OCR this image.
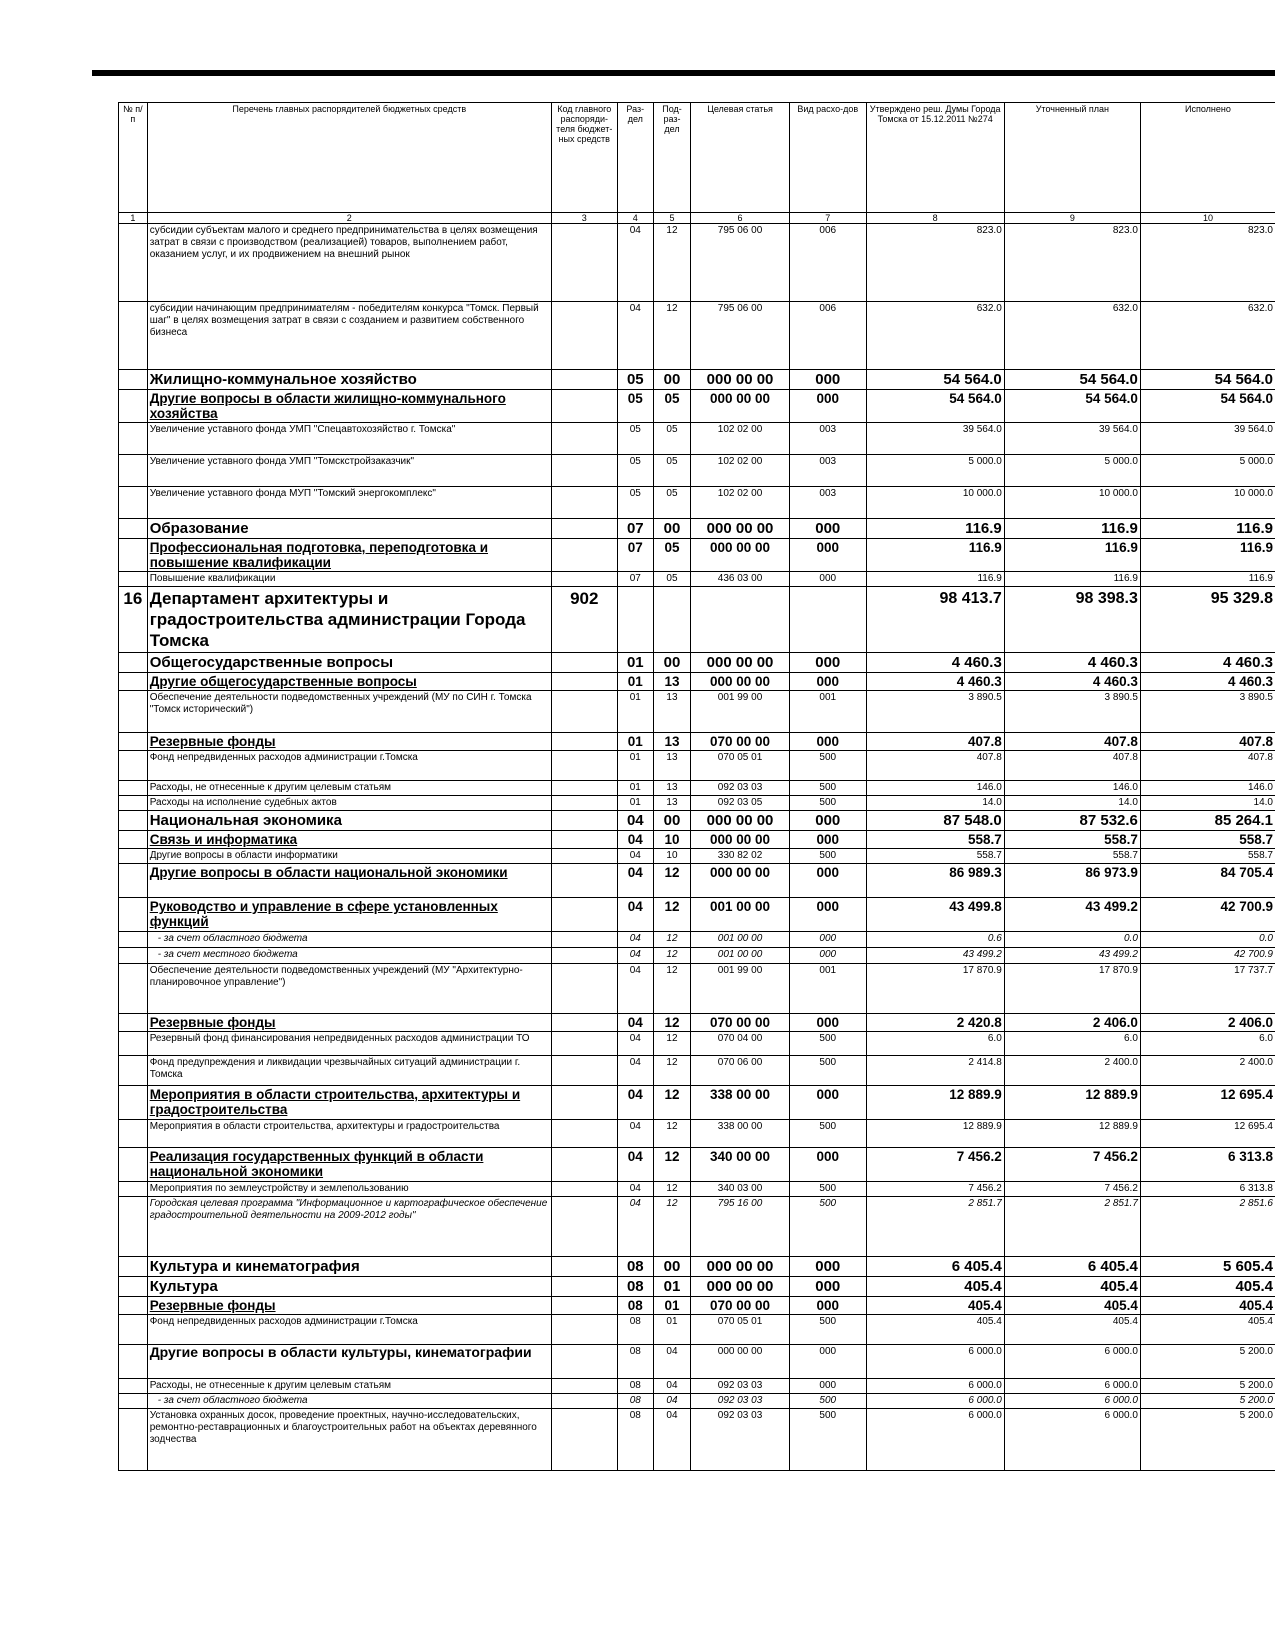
№ п/п	Перечень главных распорядителей бюджетных средств	Код главного распоряди-теля бюджет-ных средств	Раз-дел	Под-раз-дел	Целевая статья	Вид расхо-дов	Утверждено реш. Думы Города Томска от 15.12.2011 №274	Уточненный план	Исполнено
1	2	3	4	5	6	7	8	9	10
	субсидии субъектам малого и среднего предпринимательства в целях возмещения затрат в связи с производством (реализацией) товаров, выполнением работ, оказанием услуг, и их продвижением на внешний рынок		04	12	795 06 00	006	823.0	823.0	823.0
	субсидии начинающим предпринимателям - победителям конкурса "Томск. Первый шаг" в целях возмещения затрат в связи с созданием и развитием собственного бизнеса		04	12	795 06 00	006	632.0	632.0	632.0
	Жилищно-коммунальное хозяйство		05	00	000 00 00	000	54 564.0	54 564.0	54 564.0
	Другие вопросы в области жилищно-коммунального хозяйства		05	05	000 00 00	000	54 564.0	54 564.0	54 564.0
	Увеличение уставного фонда УМП "Спецавтохозяйство г. Томска"		05	05	102 02 00	003	39 564.0	39 564.0	39 564.0
	Увеличение уставного фонда УМП "Томскстройзаказчик"		05	05	102 02 00	003	5 000.0	5 000.0	5 000.0
	Увеличение уставного фонда МУП "Томский энергокомплекс"		05	05	102 02 00	003	10 000.0	10 000.0	10 000.0
	Образование		07	00	000 00 00	000	116.9	116.9	116.9
	Профессиональная подготовка, переподготовка и повышение квалификации		07	05	000 00 00	000	116.9	116.9	116.9
	Повышение квалификации		07	05	436 03 00	000	116.9	116.9	116.9
16	Департамент архитектуры и градостроительства администрации Города Томска	902					98 413.7	98 398.3	95 329.8
	Общегосударственные вопросы		01	00	000 00 00	000	4 460.3	4 460.3	4 460.3
	Другие общегосударственные вопросы		01	13	000 00 00	000	4 460.3	4 460.3	4 460.3
	Обеспечение деятельности подведомственных учреждений (МУ по СИН г. Томска "Томск исторический")		01	13	001 99 00	001	3 890.5	3 890.5	3 890.5
	Резервные фонды		01	13	070 00 00	000	407.8	407.8	407.8
	Фонд непредвиденных расходов администрации г.Томска		01	13	070 05 01	500	407.8	407.8	407.8
	Расходы, не отнесенные к другим целевым статьям		01	13	092 03 03	500	146.0	146.0	146.0
	Расходы на исполнение судебных актов		01	13	092 03 05	500	14.0	14.0	14.0
	Национальная экономика		04	00	000 00 00	000	87 548.0	87 532.6	85 264.1
	Связь и информатика		04	10	000 00 00	000	558.7	558.7	558.7
	Другие вопросы в области информатики		04	10	330 82 02	500	558.7	558.7	558.7
	Другие вопросы в области национальной экономики		04	12	000 00 00	000	86 989.3	86 973.9	84 705.4
	Руководство и управление в сфере установленных функций		04	12	001 00 00	000	43 499.8	43 499.2	42 700.9
	- за счет областного бюджета		04	12	001 00 00	000	0.6	0.0	0.0
	- за счет местного бюджета		04	12	001 00 00	000	43 499.2	43 499.2	42 700.9
	Обеспечение деятельности подведомственных учреждений (МУ "Архитектурно-планировочное управление")		04	12	001 99 00	001	17 870.9	17 870.9	17 737.7
	Резервные фонды		04	12	070 00 00	000	2 420.8	2 406.0	2 406.0
	Резервный фонд финансирования непредвиденных расходов администрации ТО		04	12	070 04 00	500	6.0	6.0	6.0
	Фонд предупреждения и ликвидации чрезвычайных ситуаций администрации г. Томска		04	12	070 06 00	500	2 414.8	2 400.0	2 400.0
	Мероприятия в области строительства, архитектуры и градостроительства		04	12	338 00 00	000	12 889.9	12 889.9	12 695.4
	Мероприятия в области строительства, архитектуры и градостроительства		04	12	338 00 00	500	12 889.9	12 889.9	12 695.4
	Реализация государственных функций в области национальной экономики		04	12	340 00 00	000	7 456.2	7 456.2	6 313.8
	Мероприятия по землеустройству и землепользованию		04	12	340 03 00	500	7 456.2	7 456.2	6 313.8
	Городская целевая программа "Информационное и картографическое обеспечение градостроительной деятельности на 2009-2012 годы"		04	12	795 16 00	500	2 851.7	2 851.7	2 851.6
	Культура и кинематография		08	00	000 00 00	000	6 405.4	6 405.4	5 605.4
	Культура		08	01	000 00 00	000	405.4	405.4	405.4
	Резервные фонды		08	01	070 00 00	000	405.4	405.4	405.4
	Фонд непредвиденных расходов администрации г.Томска		08	01	070 05 01	500	405.4	405.4	405.4
	Другие вопросы в области культуры, кинематографии		08	04	000 00 00	000	6 000.0	6 000.0	5 200.0
	Расходы, не отнесенные к другим целевым статьям		08	04	092 03 03	000	6 000.0	6 000.0	5 200.0
	- за счет областного бюджета		08	04	092 03 03	500	6 000.0	6 000.0	5 200.0
	Установка охранных досок, проведение проектных, научно-исследовательских, ремонтно-реставрационных и благоустроительных работ на объектах деревянного зодчества		08	04	092 03 03	500	6 000.0	6 000.0	5 200.0
